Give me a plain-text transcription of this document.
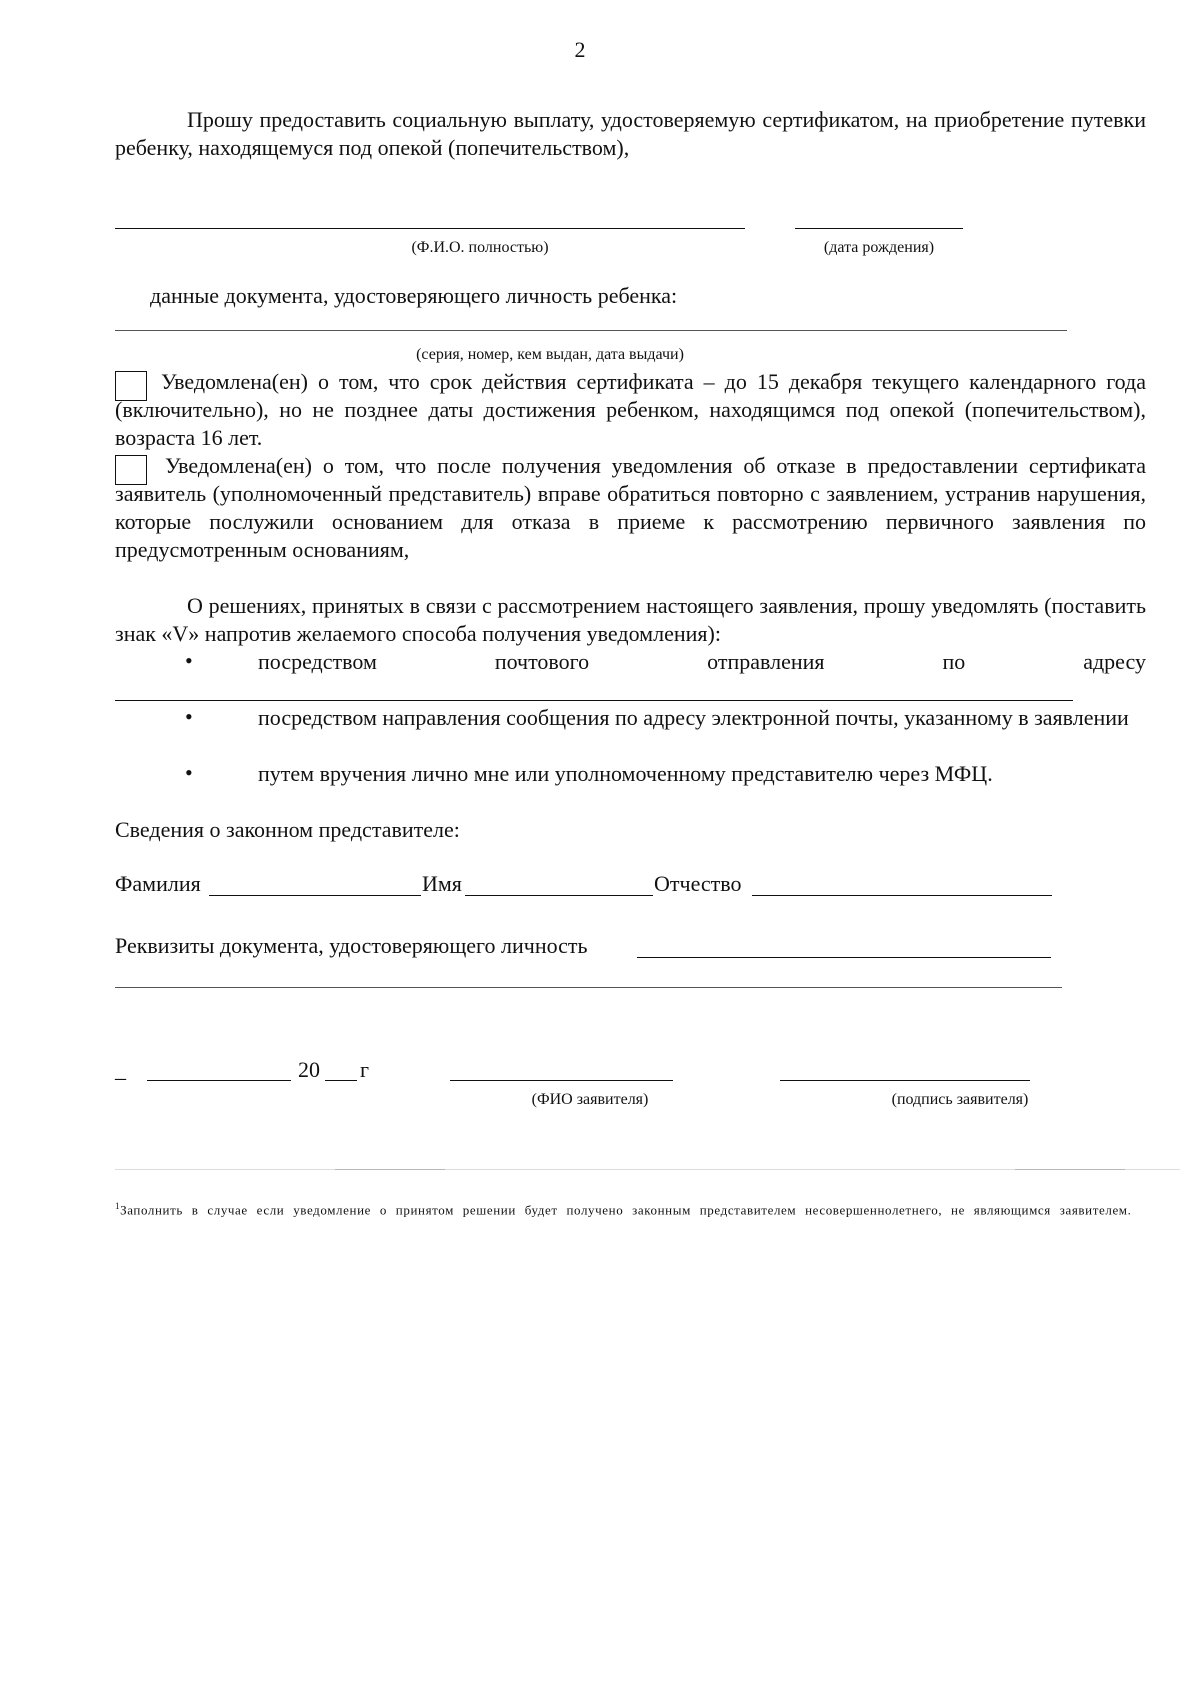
2
Прошу предоставить социальную выплату, удостоверяемую сертификатом, на приобретение путевки ребенку, находящемуся под опекой (попечительством),
(Ф.И.О. полностью)	(дата рождения)
данные документа, удостоверяющего личность ребенка:
(серия, номер, кем выдан, дата выдачи)
Уведомлена(ен) о том, что срок действия сертификата – до 15 декабря текущего календарного года (включительно), но не позднее даты достижения ребенком, находящимся под опекой (попечительством), возраста 16 лет.
Уведомлена(ен) о том, что после получения уведомления об отказе в предоставлении сертификата заявитель (уполномоченный представитель) вправе обратиться повторно с заявлением, устранив нарушения, которые послужили основанием для отказа в приеме к рассмотрению первичного заявления по предусмотренным основаниям,
О решениях, принятых в связи с рассмотрением настоящего заявления, прошу уведомлять (поставить знак «V» напротив желаемого способа получения уведомления):
•	посредством	почтового	отправления	по	адресу
•	посредством направления сообщения по адресу электронной почты, указанному в заявлении
•	путем вручения лично мне или уполномоченному представителю через МФЦ.
Сведения о законном представителе:
Фамилия	Имя	Отчество
Реквизиты документа, удостоверяющего личность
_	20 г
(ФИО заявителя)	(подпись заявителя)
$^1$Заполнить в случае если уведомление о принятом решении будет получено законным представителем несовершеннолетнего, не являющимся заявителем.
